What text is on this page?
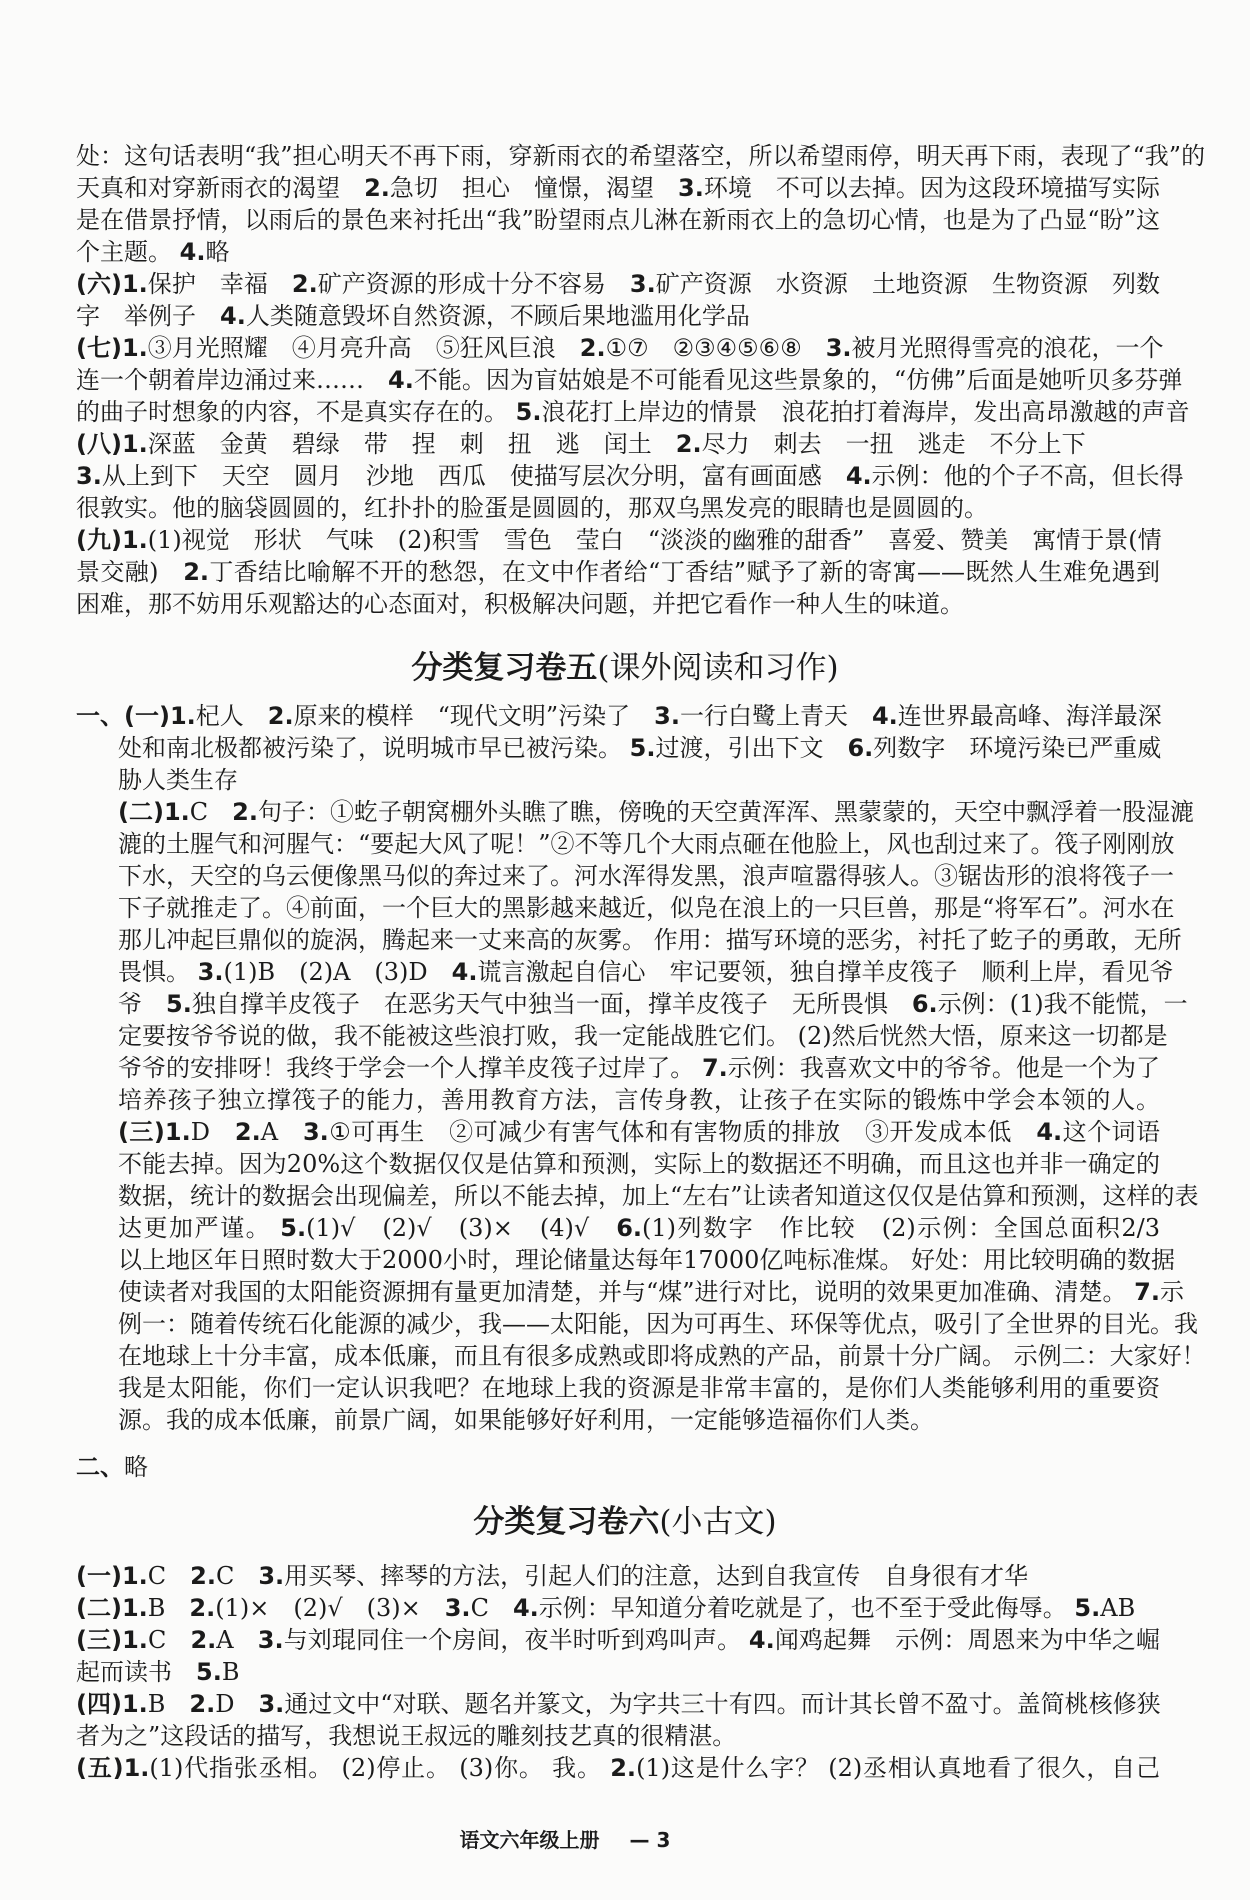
处：这句话表明“我”担心明天不再下雨，穿新雨衣的希望落空，所以希望雨停，明天再下雨，表现了“我”的
天真和对穿新雨衣的渴望　2.急切　担心　憧憬，渴望　3.环境　不可以去掉。因为这段环境描写实际
是在借景抒情，以雨后的景色来衬托出“我”盼望雨点儿淋在新雨衣上的急切心情，也是为了凸显“盼”这
个主题。 4.略
(六)1.保护　幸福　2.矿产资源的形成十分不容易　3.矿产资源　水资源　土地资源　生物资源　列数
字　举例子　4.人类随意毁坏自然资源，不顾后果地滥用化学品
(七)1.③月光照耀　④月亮升高　⑤狂风巨浪　2.①⑦　②③④⑤⑥⑧　3.被月光照得雪亮的浪花，一个
连一个朝着岸边涌过来……　4.不能。因为盲姑娘是不可能看见这些景象的，“仿佛”后面是她听贝多芬弹
的曲子时想象的内容，不是真实存在的。 5.浪花打上岸边的情景　浪花拍打着海岸，发出高昂激越的声音
(八)1.深蓝　金黄　碧绿　带　捏　刺　扭　逃　闰土　2.尽力　刺去　一扭　逃走　不分上下
3.从上到下　天空　圆月　沙地　西瓜　使描写层次分明，富有画面感　4.示例：他的个子不高，但长得
很敦实。他的脑袋圆圆的，红扑扑的脸蛋是圆圆的，那双乌黑发亮的眼睛也是圆圆的。
(九)1.(1)视觉　形状　气味　(2)积雪　雪色　莹白　“淡淡的幽雅的甜香”　喜爱、赞美　寓情于景(情
景交融)　2.丁香结比喻解不开的愁怨，在文中作者给“丁香结”赋予了新的寄寓——既然人生难免遇到
困难，那不妨用乐观豁达的心态面对，积极解决问题，并把它看作一种人生的味道。
分类复习卷五(课外阅读和习作)
一、(一)1.杞人　2.原来的模样　“现代文明”污染了　3.一行白鹭上青天　4.连世界最高峰、海洋最深
处和南北极都被污染了，说明城市早已被污染。 5.过渡，引出下文　6.列数字　环境污染已严重威
胁人类生存
(二)1.C　2.句子：①虼子朝窝棚外头瞧了瞧，傍晚的天空黄浑浑、黑蒙蒙的，天空中飘浮着一股湿漉
漉的土腥气和河腥气：“要起大风了呢！”②不等几个大雨点砸在他脸上，风也刮过来了。筏子刚刚放
下水，天空的乌云便像黑马似的奔过来了。河水浑得发黑，浪声喧嚣得骇人。③锯齿形的浪将筏子一
下子就推走了。④前面，一个巨大的黑影越来越近，似凫在浪上的一只巨兽，那是“将军石”。河水在
那儿冲起巨鼎似的旋涡，腾起来一丈来高的灰雾。 作用：描写环境的恶劣，衬托了虼子的勇敢，无所
畏惧。 3.(1)B　(2)A　(3)D　4.谎言激起自信心　牢记要领，独自撑羊皮筏子　顺利上岸，看见爷
爷　5.独自撑羊皮筏子　在恶劣天气中独当一面，撑羊皮筏子　无所畏惧　6.示例：(1)我不能慌，一
定要按爷爷说的做，我不能被这些浪打败，我一定能战胜它们。 (2)然后恍然大悟，原来这一切都是
爷爷的安排呀！我终于学会一个人撑羊皮筏子过岸了。 7.示例：我喜欢文中的爷爷。他是一个为了
培养孩子独立撑筏子的能力，善用教育方法，言传身教，让孩子在实际的锻炼中学会本领的人。
(三)1.D　2.A　3.①可再生　②可减少有害气体和有害物质的排放　③开发成本低　4.这个词语
不能去掉。因为20%这个数据仅仅是估算和预测，实际上的数据还不明确，而且这也并非一确定的
数据，统计的数据会出现偏差，所以不能去掉，加上“左右”让读者知道这仅仅是估算和预测，这样的表
达更加严谨。 5.(1)√　(2)√　(3)×　(4)√　6.(1)列数字　作比较　(2)示例：全国总面积2/3
以上地区年日照时数大于2000小时，理论储量达每年17000亿吨标准煤。 好处：用比较明确的数据
使读者对我国的太阳能资源拥有量更加清楚，并与“煤”进行对比，说明的效果更加准确、清楚。 7.示
例一：随着传统石化能源的减少，我——太阳能，因为可再生、环保等优点，吸引了全世界的目光。我
在地球上十分丰富，成本低廉，而且有很多成熟或即将成熟的产品，前景十分广阔。 示例二：大家好！
我是太阳能，你们一定认识我吧？在地球上我的资源是非常丰富的，是你们人类能够利用的重要资
源。我的成本低廉，前景广阔，如果能够好好利用，一定能够造福你们人类。
二、略
分类复习卷六(小古文)
(一)1.C　2.C　3.用买琴、摔琴的方法，引起人们的注意，达到自我宣传　自身很有才华
(二)1.B　2.(1)×　(2)√　(3)×　3.C　4.示例：早知道分着吃就是了，也不至于受此侮辱。 5.AB
(三)1.C　2.A　3.与刘琨同住一个房间，夜半时听到鸡叫声。 4.闻鸡起舞　示例：周恩来为中华之崛
起而读书　5.B
(四)1.B　2.D　3.通过文中“对联、题名并篆文，为字共三十有四。而计其长曾不盈寸。盖简桃核修狭
者为之”这段话的描写，我想说王叔远的雕刻技艺真的很精湛。
(五)1.(1)代指张丞相。 (2)停止。 (3)你。 我。 2.(1)这是什么字？ (2)丞相认真地看了很久，自己
语文六年级上册 — 3
